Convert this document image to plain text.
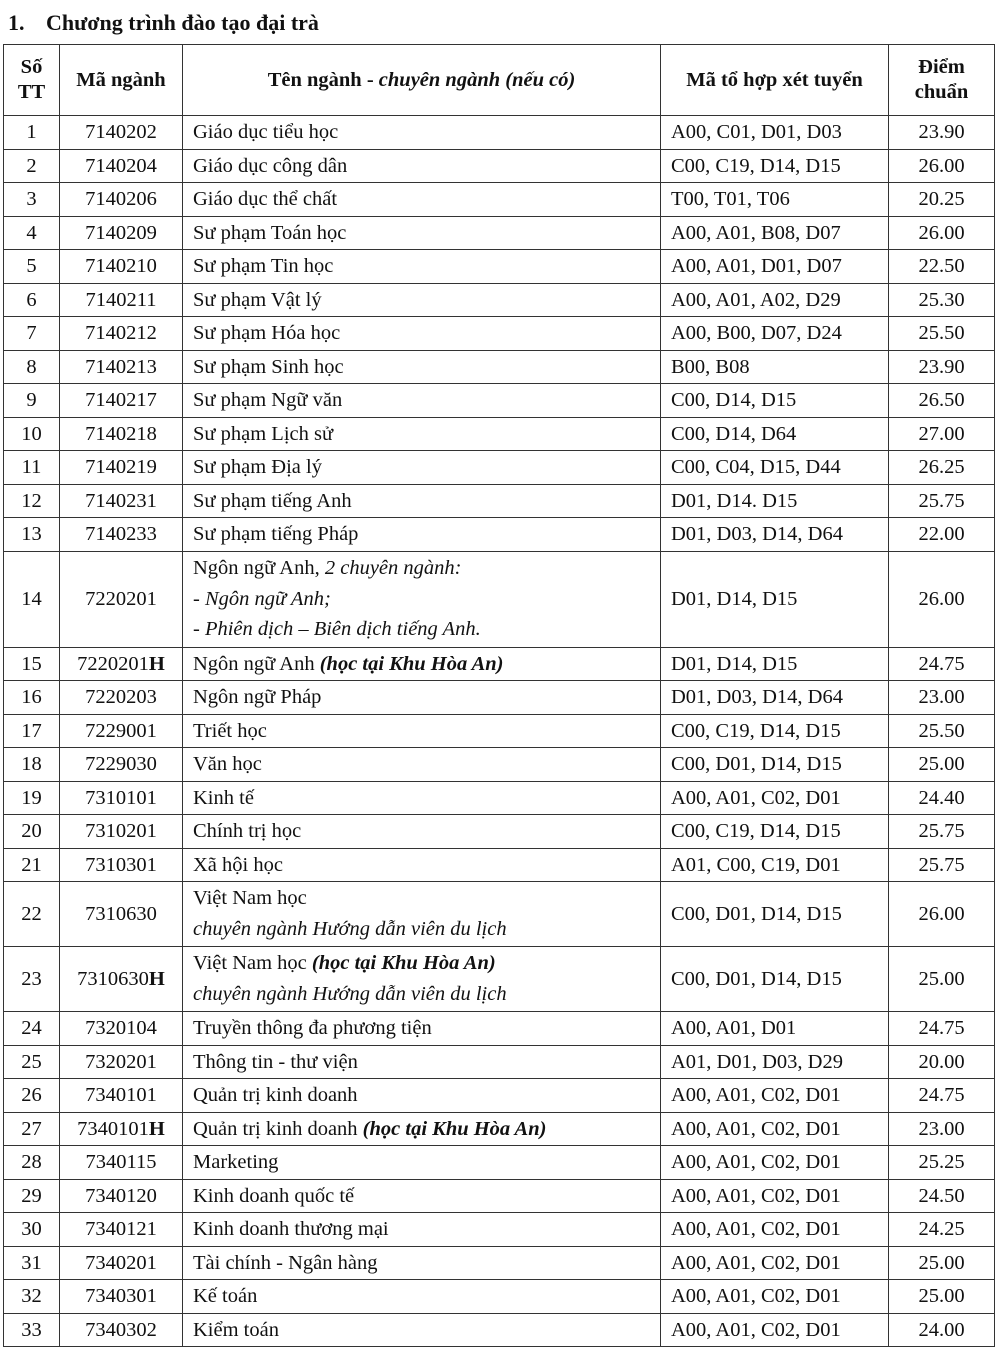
1. Chương trình đào tạo đại trà
Số
TT	Mã ngành	Tên ngành - chuyên ngành (nếu có)	Mã tổ hợp xét tuyển	Điểm
chuẩn
1	7140202	Giáo dục tiểu học	A00, C01, D01, D03	23.90
2	7140204	Giáo dục công dân	C00, C19, D14, D15	26.00
3	7140206	Giáo dục thể chất	T00, T01, T06	20.25
4	7140209	Sư phạm Toán học	A00, A01, B08, D07	26.00
5	7140210	Sư phạm Tin học	A00, A01, D01, D07	22.50
6	7140211	Sư phạm Vật lý	A00, A01, A02, D29	25.30
7	7140212	Sư phạm Hóa học	A00, B00, D07, D24	25.50
8	7140213	Sư phạm Sinh học	B00, B08	23.90
9	7140217	Sư phạm Ngữ văn	C00, D14, D15	26.50
10	7140218	Sư phạm Lịch sử	C00, D14, D64	27.00
11	7140219	Sư phạm Địa lý	C00, C04, D15, D44	26.25
12	7140231	Sư phạm tiếng Anh	D01, D14. D15	25.75
13	7140233	Sư phạm tiếng Pháp	D01, D03, D14, D64	22.00
14	7220201	Ngôn ngữ Anh, 2 chuyên ngành:
- Ngôn ngữ Anh;
- Phiên dịch – Biên dịch tiếng Anh.	D01, D14, D15	26.00
15	7220201H	Ngôn ngữ Anh (học tại Khu Hòa An)	D01, D14, D15	24.75
16	7220203	Ngôn ngữ Pháp	D01, D03, D14, D64	23.00
17	7229001	Triết học	C00, C19, D14, D15	25.50
18	7229030	Văn học	C00, D01, D14, D15	25.00
19	7310101	Kinh tế	A00, A01, C02, D01	24.40
20	7310201	Chính trị học	C00, C19, D14, D15	25.75
21	7310301	Xã hội học	A01, C00, C19, D01	25.75
22	7310630	Việt Nam học
chuyên ngành Hướng dẫn viên du lịch	C00, D01, D14, D15	26.00
23	7310630H	Việt Nam học (học tại Khu Hòa An)
chuyên ngành Hướng dẫn viên du lịch	C00, D01, D14, D15	25.00
24	7320104	Truyền thông đa phương tiện	A00, A01, D01	24.75
25	7320201	Thông tin - thư viện	A01, D01, D03, D29	20.00
26	7340101	Quản trị kinh doanh	A00, A01, C02, D01	24.75
27	7340101H	Quản trị kinh doanh (học tại Khu Hòa An)	A00, A01, C02, D01	23.00
28	7340115	Marketing	A00, A01, C02, D01	25.25
29	7340120	Kinh doanh quốc tế	A00, A01, C02, D01	24.50
30	7340121	Kinh doanh thương mại	A00, A01, C02, D01	24.25
31	7340201	Tài chính - Ngân hàng	A00, A01, C02, D01	25.00
32	7340301	Kế toán	A00, A01, C02, D01	25.00
33	7340302	Kiểm toán	A00, A01, C02, D01	24.00
